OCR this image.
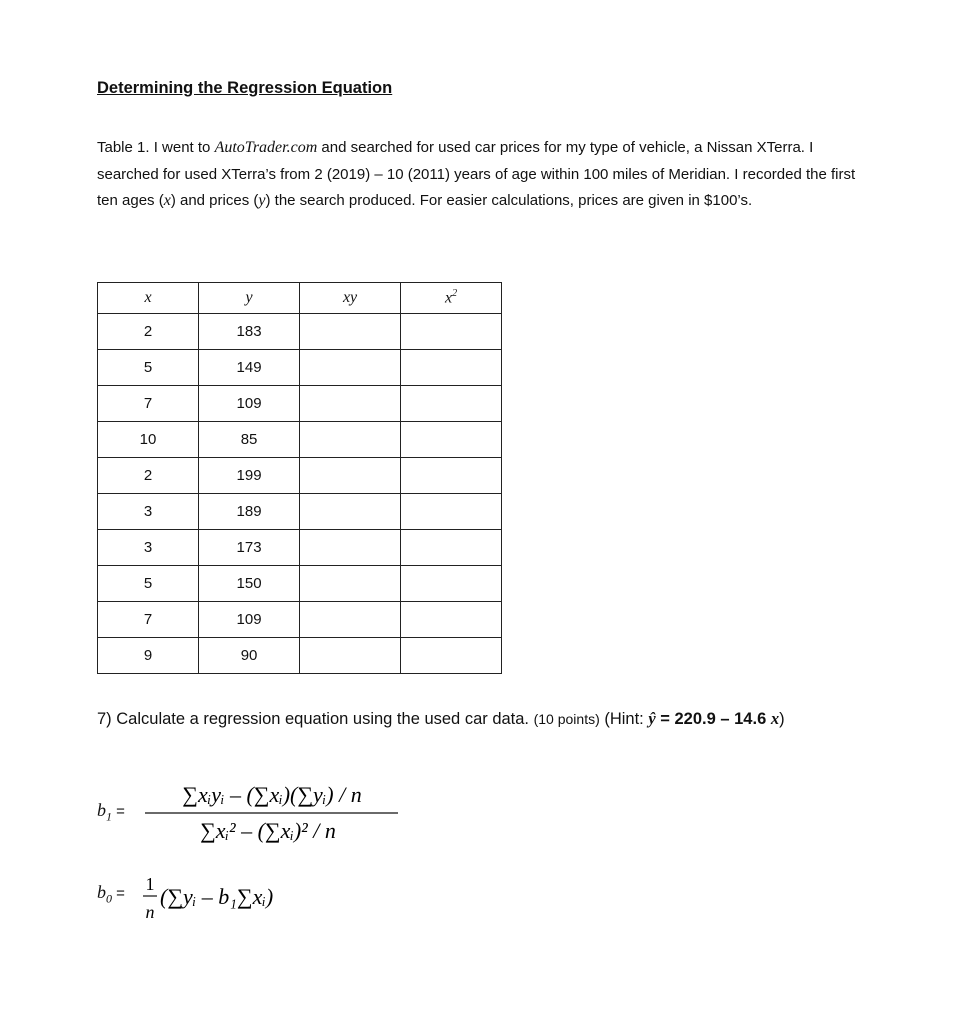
Determining the Regression Equation

Table 1. I went to AutoTrader.com and searched for used car prices for my type of vehicle, a Nissan XTerra. I searched for used XTerra’s from 2 (2019) – 10 (2011) years of age within 100 miles of Meridian. I recorded the first ten ages (x) and prices (y) the search produced. For easier calculations, prices are given in $100’s.

x	y	xy	$x^2$
2	183		
5	149		
7	109		
10	85		
2	199		
3	189		
3	173		
5	150		
7	109		
9	90		

7) Calculate a regression equation using the used car data. (10 points) (Hint: ŷ = 220.9 – 14.6 x)

$b_1$ =
∑xᵢyᵢ – (∑xᵢ)(∑yᵢ) / n
∑xᵢ² – (∑xᵢ)² / n
$b_0 = 1$
n
(∑yᵢ – b₁∑xᵢ)
